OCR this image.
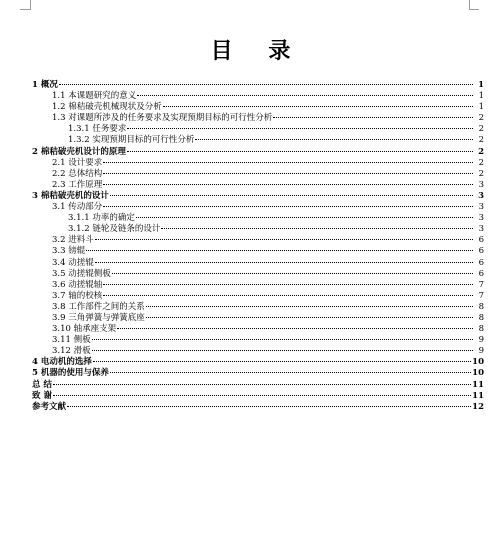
目 录
1 概况	1
1.1 本课题研究的意义	1
1.2 棉秸破壳机械现状及分析	1
1.3 对课题所涉及的任务要求及实现预期目标的可行性分析	2
1.3.1 任务要求	2
1.3.2 实现预期目标的可行性分析	2
2 棉秸破壳机设计的原理	2
2.1 设计要求	2
2.2 总体结构	2
2.3 工作原理	3
3 棉秸破壳机的设计	3
3.1 传动部分	3
3.1.1 功率的确定	3
3.1.2 链轮及链条的设计	3
3.2 进料斗	6
3.3 镑辊	6
3.4 动搓辊	6
3.5 动搓辊侧板	6
3.6 动搓辊轴	7
3.7 轴的校核	7
3.8 工作部件之间的关系	8
3.9 三角弹簧与弹簧底座	8
3.10 轴承座支架	8
3.11 侧板	9
3.12 滑板	9
4 电动机的选择	10
5 机器的使用与保养	10
总 结	11
致 谢	11
参考文献	12
